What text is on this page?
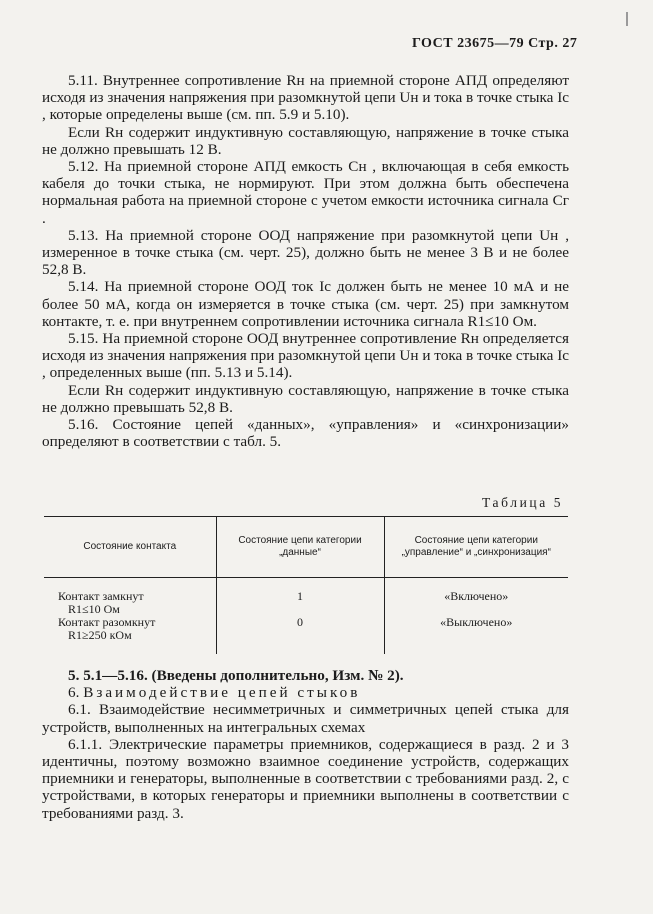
ГОСТ 23675—79 Стр. 27

5.11. Внутреннее сопротивление Rн на приемной стороне АПД определяют исходя из значения напряжения при разомкнутой цепи Uн и тока в точке стыка Iс , которые определены выше (см. пп. 5.9 и 5.10).

Если Rн содержит индуктивную составляющую, напряжение в точке стыка не должно превышать 12 В.

5.12. На приемной стороне АПД емкость Cн , включающая в себя емкость кабеля до точки стыка, не нормируют. При этом должна быть обеспечена нормальная работа на приемной стороне с учетом емкости источника сигнала Cг .

5.13. На приемной стороне ООД напряжение при разомкнутой цепи Uн , измеренное в точке стыка (см. черт. 25), должно быть не менее 3 В и не более 52,8 В.

5.14. На приемной стороне ООД ток Iс должен быть не менее 10 мА и не более 50 мА, когда он измеряется в точке стыка (см. черт. 25) при замкнутом контакте, т. е. при внутреннем сопротивлении источника сигнала R1≤10 Ом.

5.15. На приемной стороне ООД внутреннее сопротивление Rн определяется исходя из значения напряжения при разомкнутой цепи Uн и тока в точке стыка Iс , определенных выше (пп. 5.13 и 5.14).

Если Rн содержит индуктивную составляющую, напряжение в точке стыка не должно превышать 52,8 В.

5.16. Состояние цепей «данных», «управления» и «синхронизации» определяют в соответствии с табл. 5.

Таблица 5
Состояние контакта	Состояние цепи категории „данные“	Состояние цепи категории „управление“ и „синхронизация“

Контакт замкнут
R1≤10 Ом	1	«Включено»

Контакт разомкнут
R1≥250 кОм	0	«Выключено»

5. 5.1—5.16. (Введены дополнительно, Изм. № 2).

6. Взаимодействие цепей стыков

6.1. Взаимодействие несимметричных и симметричных цепей стыка для устройств, выполненных на интегральных схемах

6.1.1. Электрические параметры приемников, содержащиеся в разд. 2 и 3 идентичны, поэтому возможно взаимное соединение устройств, содержащих приемники и генераторы, выполненные в соответствии с требованиями разд. 2, с устройствами, в которых генераторы и приемники выполнены в соответствии с требованиями разд. 3.
